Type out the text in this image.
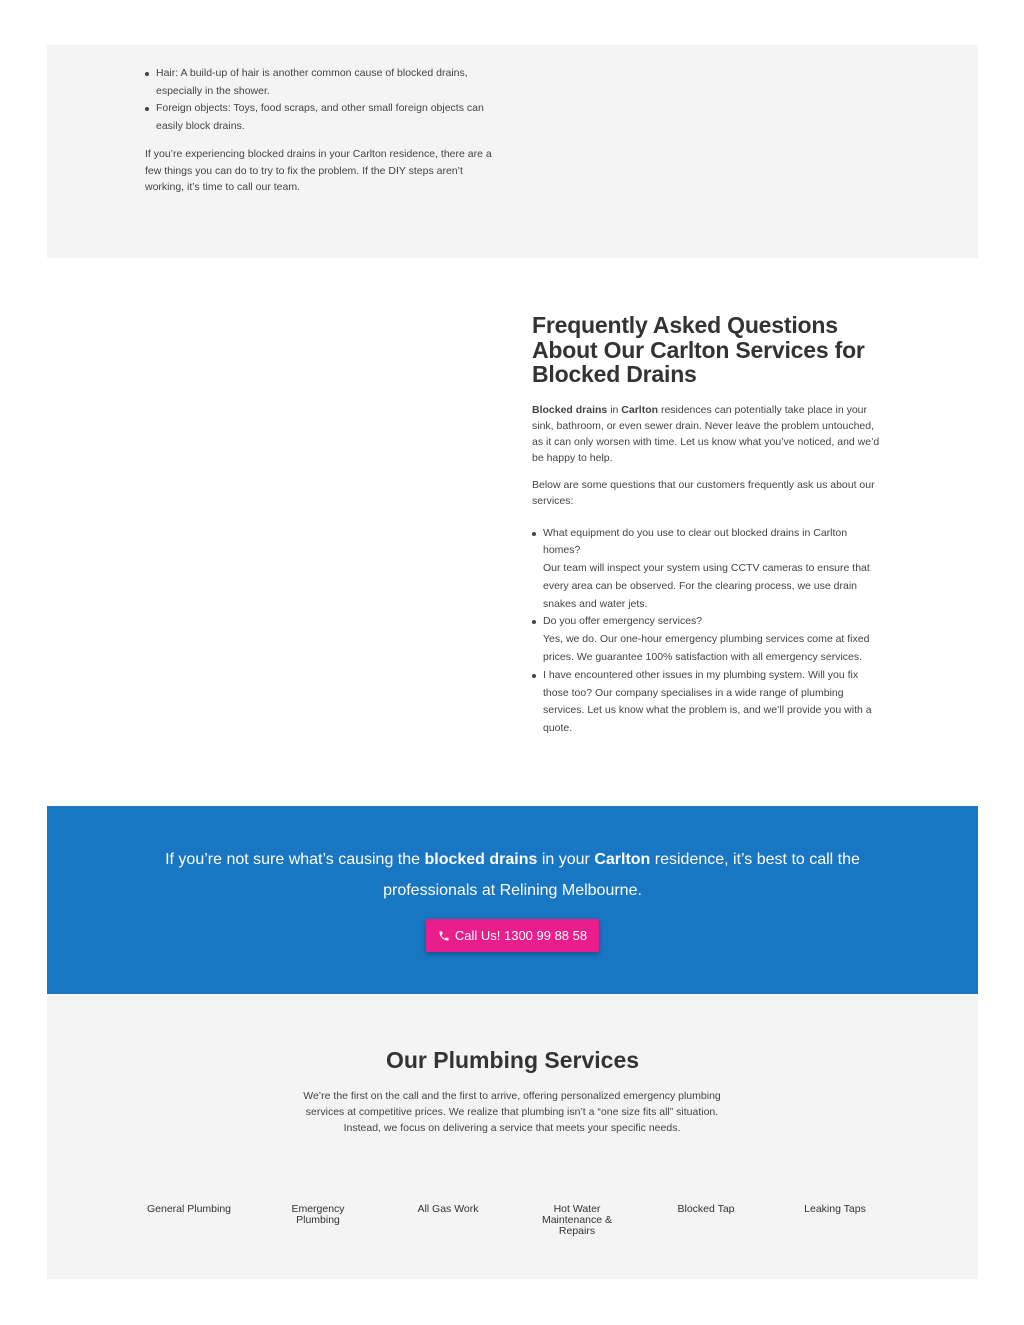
Hair: A build-up of hair is another common cause of blocked drains, especially in the shower.
Foreign objects: Toys, food scraps, and other small foreign objects can easily block drains.

If you’re experiencing blocked drains in your Carlton residence, there are a few things you can do to try to fix the problem. If the DIY steps aren’t working, it’s time to call our team.

Frequently Asked Questions About Our Carlton Services for Blocked Drains

Blocked drains in Carlton residences can potentially take place in your sink, bathroom, or even sewer drain. Never leave the problem untouched, as it can only worsen with time. Let us know what you’ve noticed, and we’d be happy to help.

Below are some questions that our customers frequently ask us about our services:

What equipment do you use to clear out blocked drains in Carlton homes?
Our team will inspect your system using CCTV cameras to ensure that every area can be observed. For the clearing process, we use drain snakes and water jets.
Do you offer emergency services?
Yes, we do. Our one-hour emergency plumbing services come at fixed prices. We guarantee 100% satisfaction with all emergency services.
I have encountered other issues in my plumbing system. Will you fix those too? Our company specialises in a wide range of plumbing services. Let us know what the problem is, and we’ll provide you with a quote.
If you’re not sure what’s causing the blocked drains in your Carlton residence, it’s best to call the professionals at Relining Melbourne.
Call Us! 1300 99 88 58
Our Plumbing Services

We’re the first on the call and the first to arrive, offering personalized emergency plumbing services at competitive prices. We realize that plumbing isn’t a “one size fits all” situation. Instead, we focus on delivering a service that meets your specific needs.

General Plumbing	Emergency Plumbing
All Gas Work	Hot Water Maintenance & Repairs
Blocked Tap	Leaking Taps
